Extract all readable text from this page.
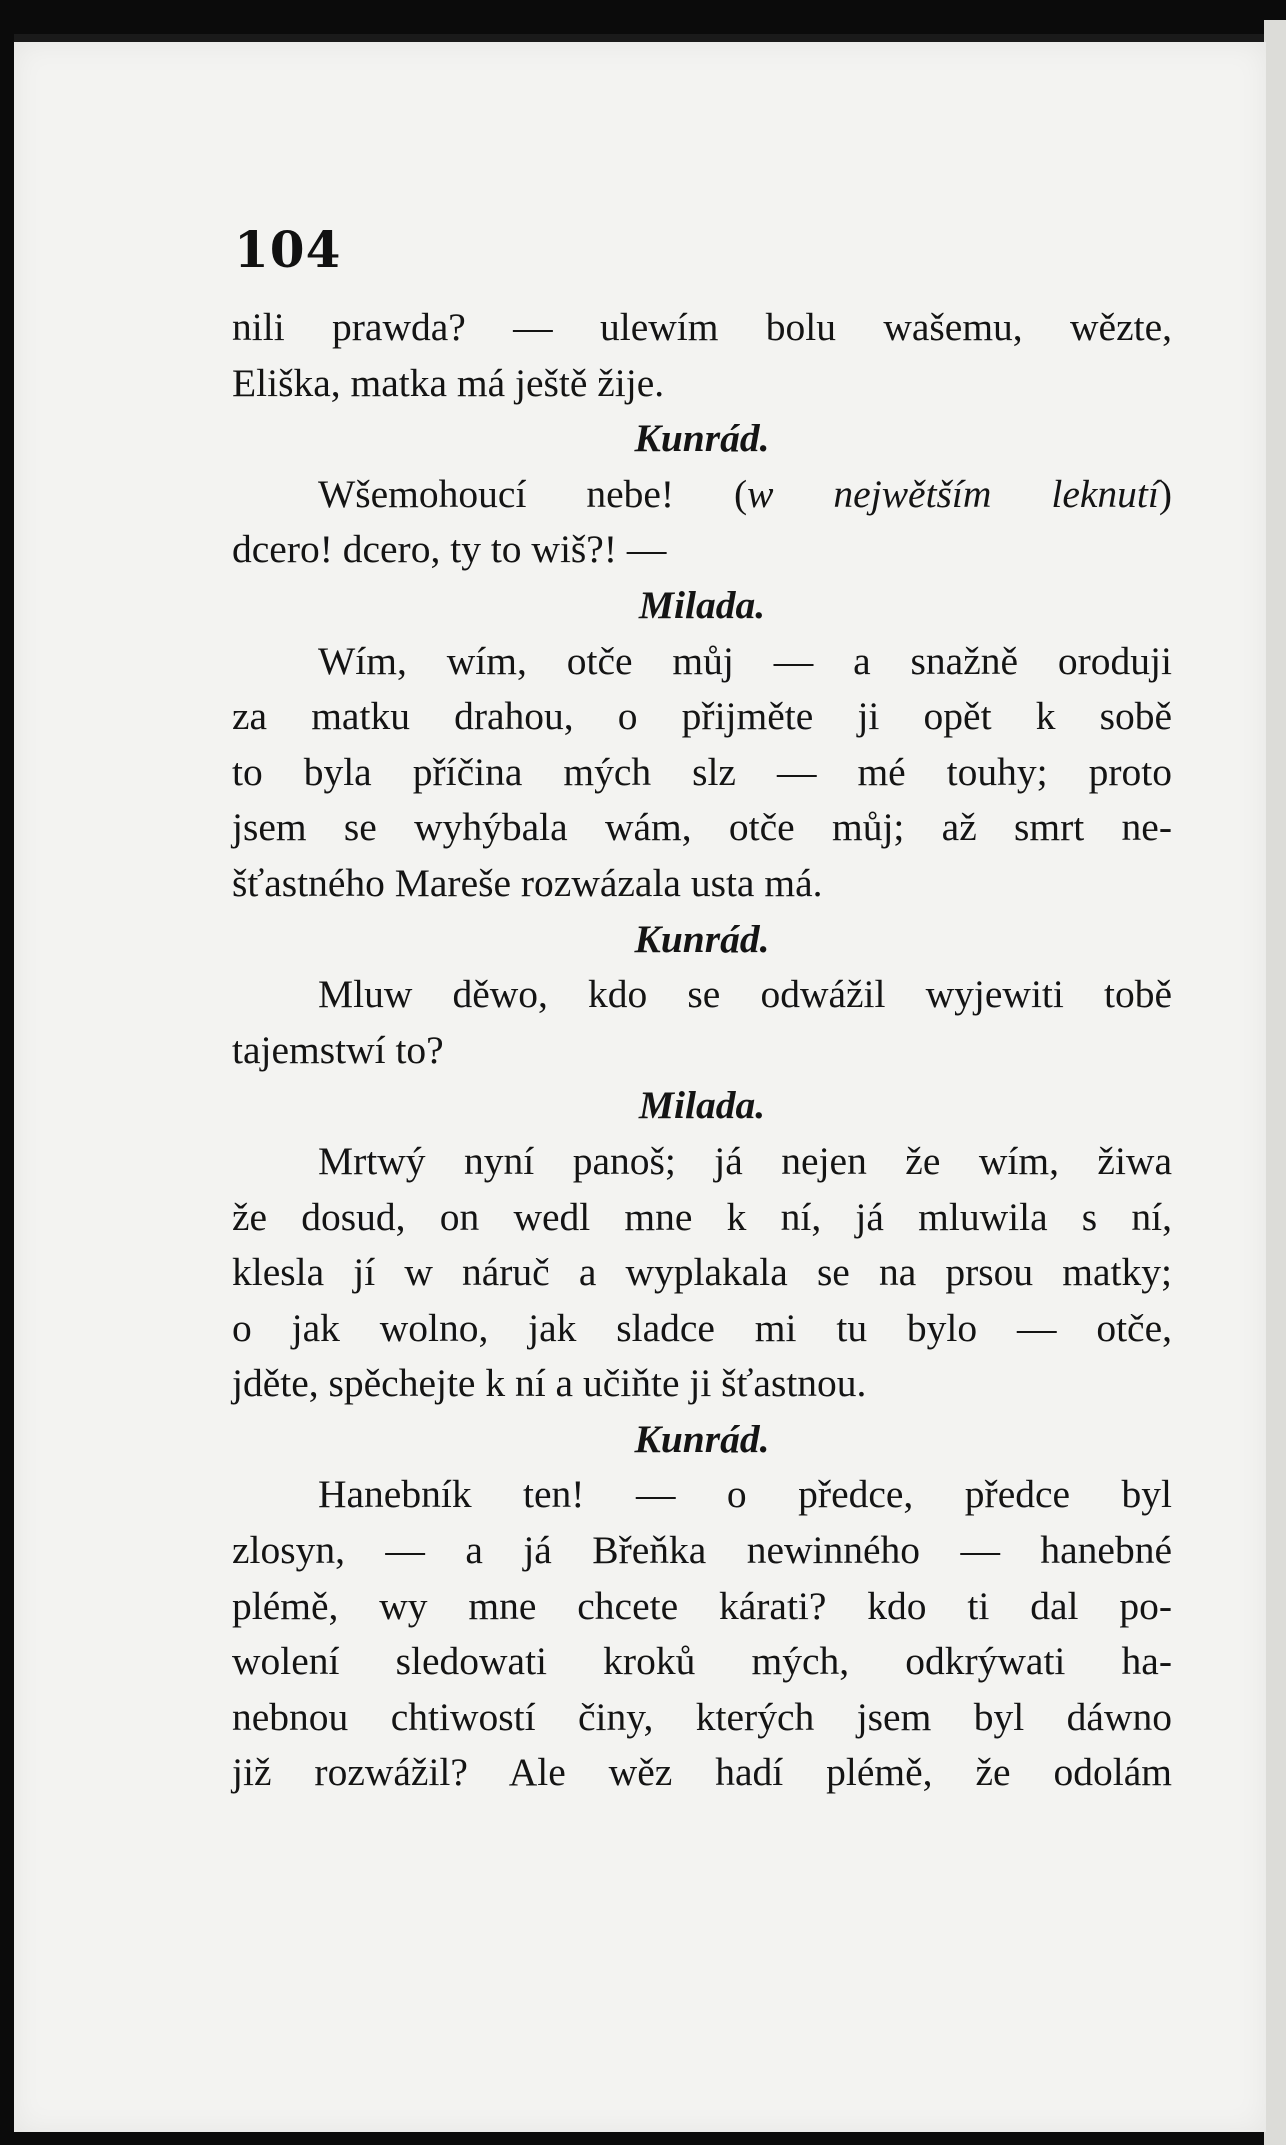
104
nili prawda? — ulewím bolu wašemu, wězte,
Eliška, matka má ještě žije.
Kunrád.
Wšemohoucí nebe! (w nejwětším leknutí)
dcero! dcero, ty to wiš?! —
Milada.
Wím, wím, otče můj — a snažně oroduji
za matku drahou, o přijměte ji opět k sobě
to byla příčina mých slz — mé touhy; proto
jsem se wyhýbala wám, otče můj; až smrt ne-
šťastného Mareše rozwázala usta má.
Kunrád.
Mluw děwo, kdo se odwážil wyjewiti tobě
tajemstwí to?
Milada.
Mrtwý nyní panoš; já nejen že wím, žiwa
že dosud, on wedl mne k ní, já mluwila s ní,
klesla jí w náruč a wyplakala se na prsou matky;
o jak wolno, jak sladce mi tu bylo — otče,
jděte, spěchejte k ní a učiňte ji šťastnou.
Kunrád.
Hanebník ten! — o předce, předce byl
zlosyn, — a já Břeňka newinného — hanebné
plémě, wy mne chcete kárati? kdo ti dal po-
wolení sledowati kroků mých, odkrýwati ha-
nebnou chtiwostí činy, kterých jsem byl dáwno
již rozwážil? Ale wěz hadí plémě, že odolám
